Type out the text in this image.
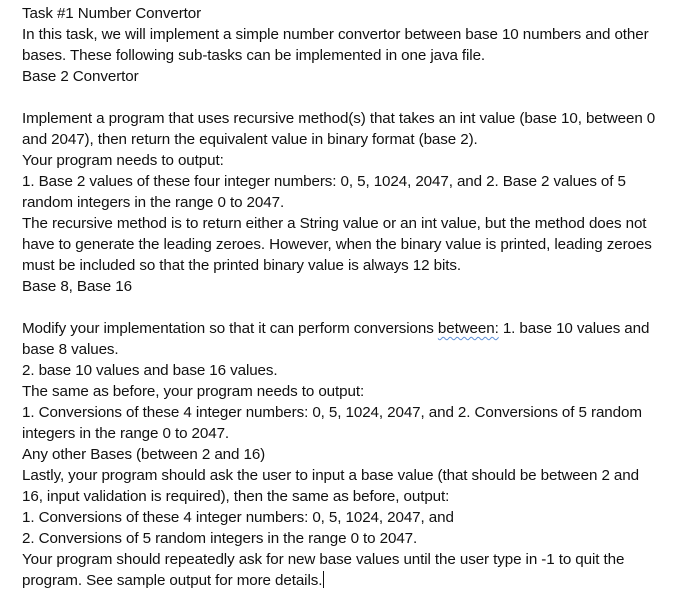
Task #1 Number Convertor
In this task, we will implement a simple number convertor between base 10 numbers and other
bases. These following sub-tasks can be implemented in one java file.
Base 2 Convertor
Implement a program that uses recursive method(s) that takes an int value (base 10, between 0
and 2047), then return the equivalent value in binary format (base 2).
Your program needs to output:
1. Base 2 values of these four integer numbers: 0, 5, 1024, 2047, and 2. Base 2 values of 5
random integers in the range 0 to 2047.
The recursive method is to return either a String value or an int value, but the method does not
have to generate the leading zeroes. However, when the binary value is printed, leading zeroes
must be included so that the printed binary value is always 12 bits.
Base 8, Base 16
Modify your implementation so that it can perform conversions between: 1. base 10 values and
base 8 values.
2. base 10 values and base 16 values.
The same as before, your program needs to output:
1. Conversions of these 4 integer numbers: 0, 5, 1024, 2047, and 2. Conversions of 5 random
integers in the range 0 to 2047.
Any other Bases (between 2 and 16)
Lastly, your program should ask the user to input a base value (that should be between 2 and
16, input validation is required), then the same as before, output:
1. Conversions of these 4 integer numbers: 0, 5, 1024, 2047, and
2. Conversions of 5 random integers in the range 0 to 2047.
Your program should repeatedly ask for new base values until the user type in -1 to quit the
program. See sample output for more details.
